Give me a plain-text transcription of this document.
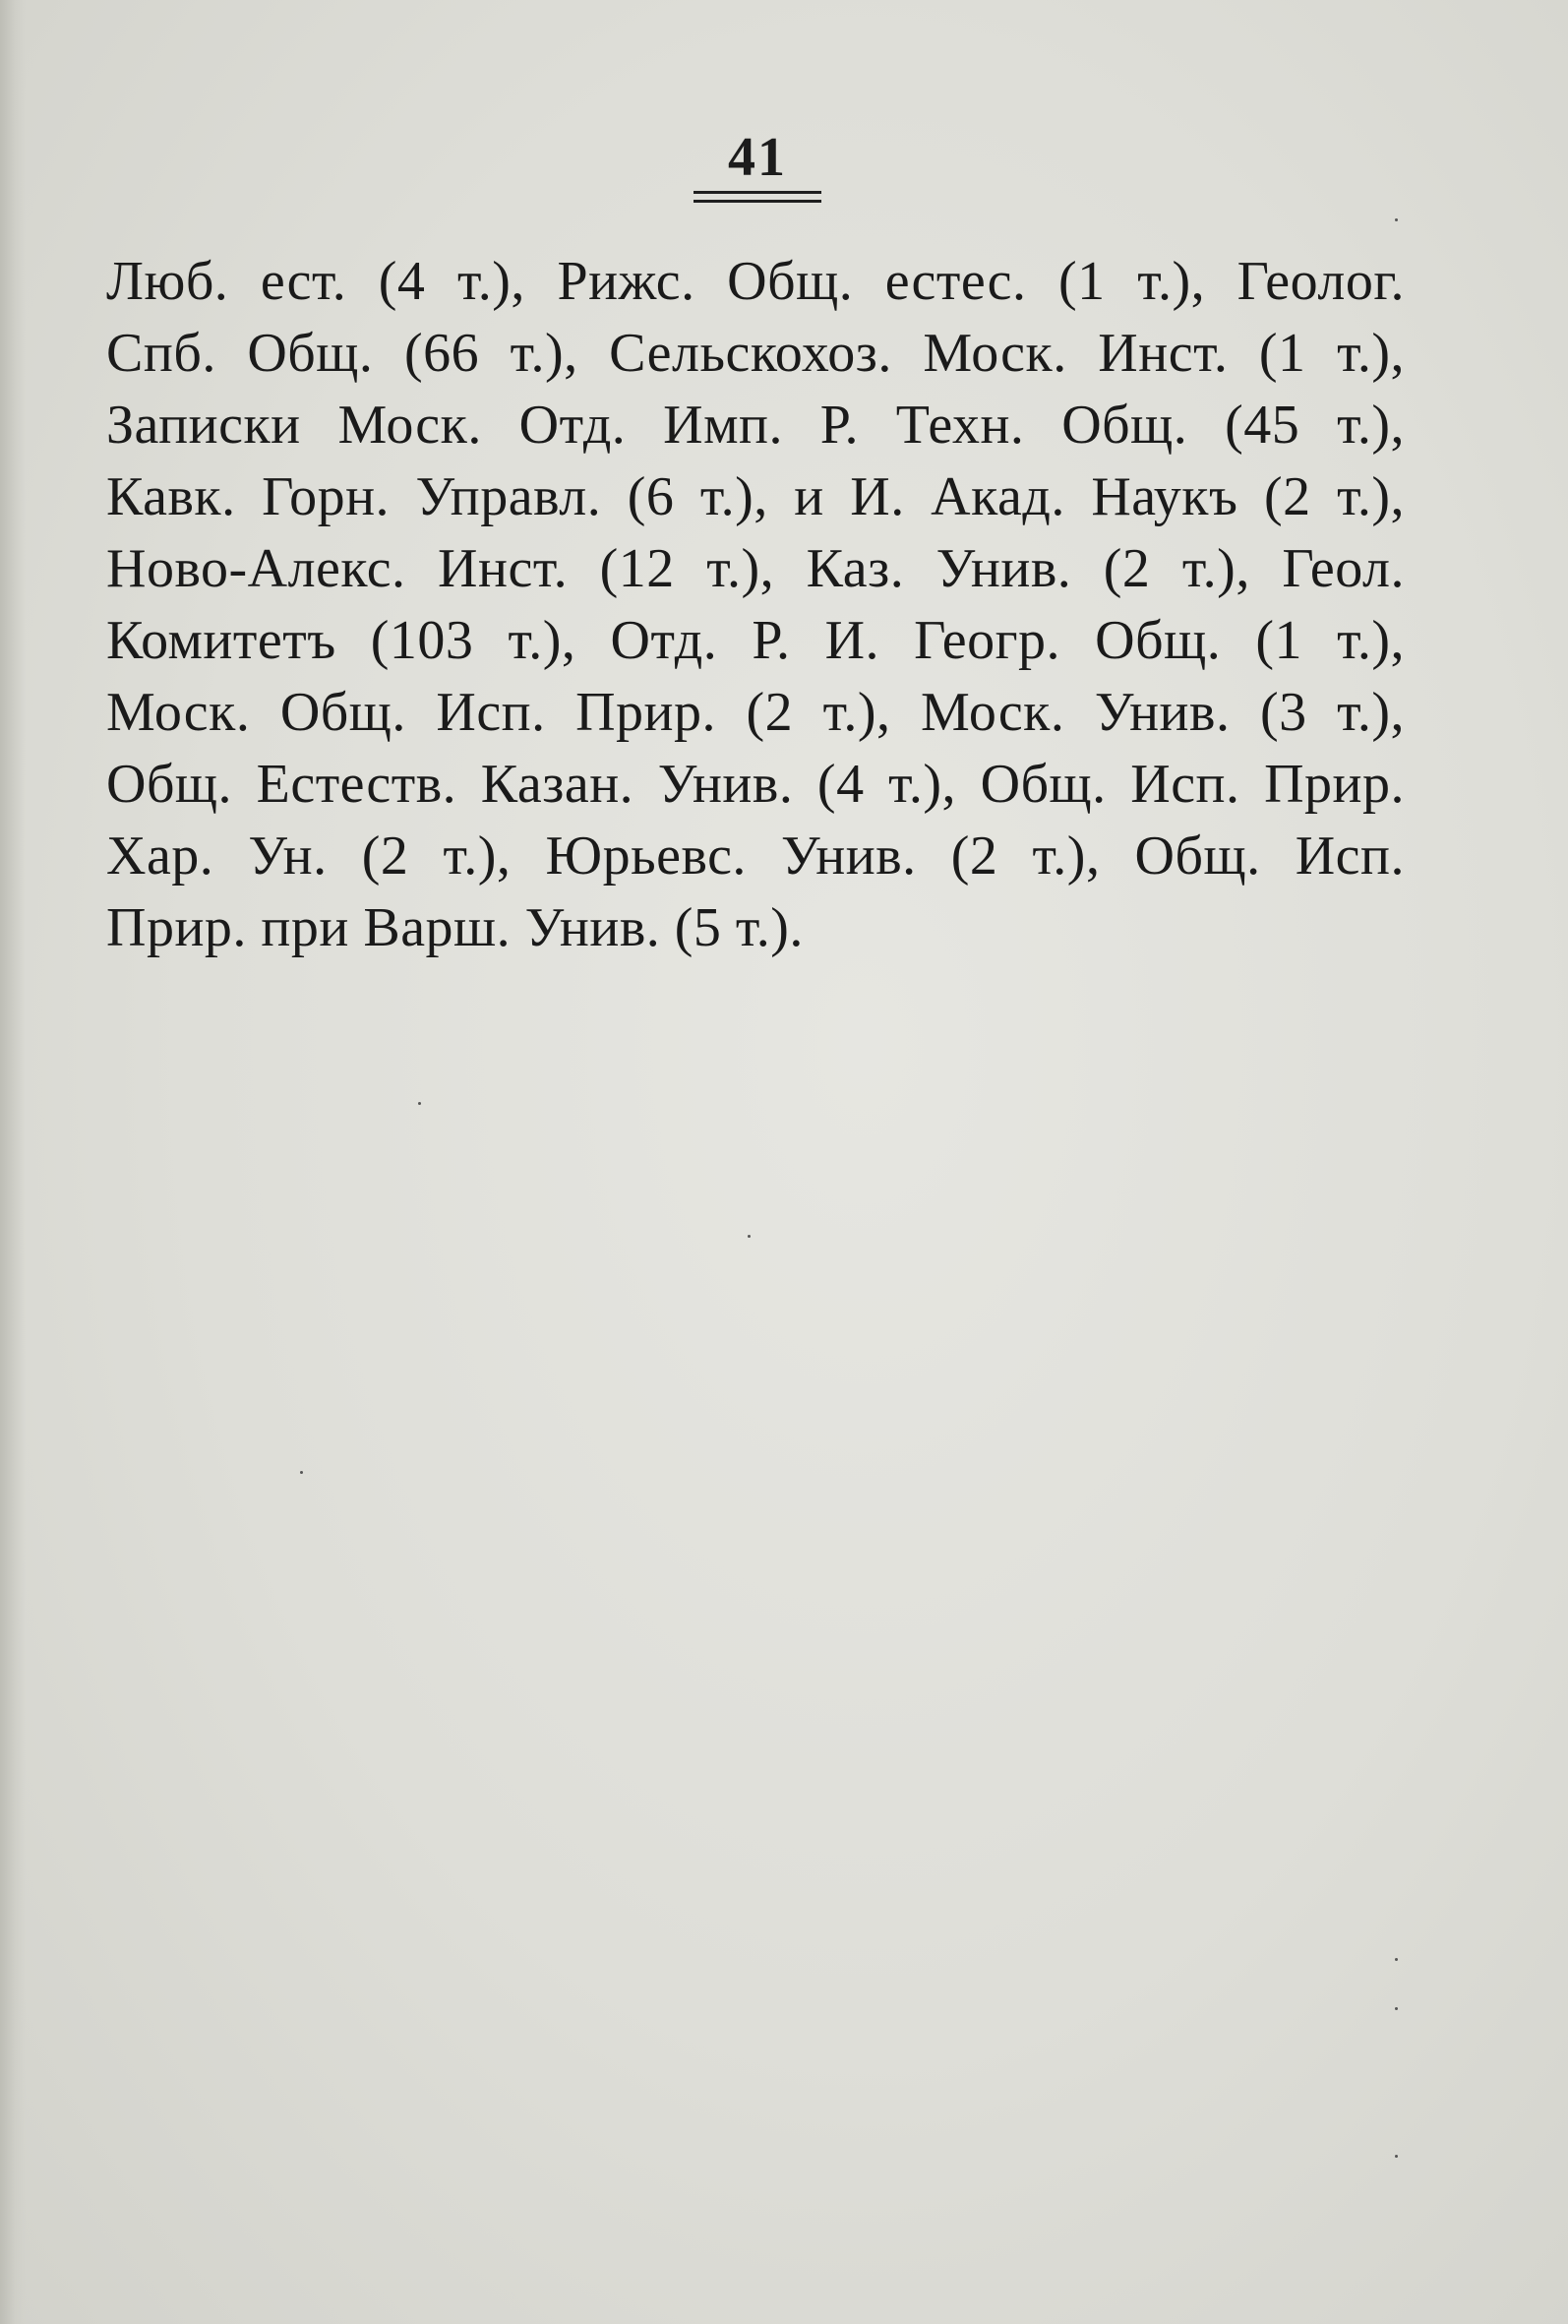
41
Люб. ест. (4 т.), Рижс. Общ. естес. (1 т.), Геолог.
Спб. Общ. (66 т.), Сельскохоз. Моск. Инст. (1 т.),
Записки Моск. Отд. Имп. Р. Техн. Общ. (45 т.),
Кавк. Горн. Управл. (6 т.), и И. Акад. Наукъ (2 т.),
Ново-Алекс. Инст. (12 т.), Каз. Унив. (2 т.), Геол.
Комитетъ (103 т.), Отд. Р. И. Геогр. Общ. (1 т.),
Моск. Общ. Исп. Прир. (2 т.), Моск. Унив. (3 т.),
Общ. Естеств. Казан. Унив. (4 т.), Общ. Исп. Прир.
Хар. Ун. (2 т.), Юрьевс. Унив. (2 т.), Общ. Исп.
Прир. при Варш. Унив. (5 т.).
